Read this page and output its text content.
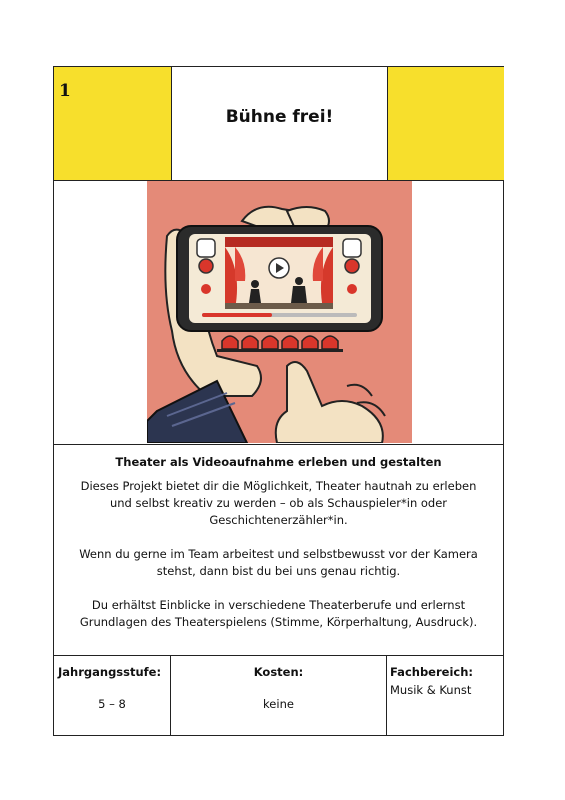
1
Bühne frei!
Theater als Videoaufnahme erleben und gestalten
Dieses Projekt bietet dir die Möglichkeit, Theater hautnah zu erleben
und selbst kreativ zu werden – ob als Schauspieler*in oder
Geschichtenerzähler*in.
Wenn du gerne im Team arbeitest und selbstbewusst vor der Kamera
stehst, dann bist du bei uns genau richtig.
Du erhältst Einblicke in verschiedene Theaterberufe und erlernst
Grundlagen des Theaterspielens (Stimme, Körperhaltung, Ausdruck).
Jahrgangsstufe:
5 – 8
Kosten:
keine
Fachbereich:
Musik & Kunst
